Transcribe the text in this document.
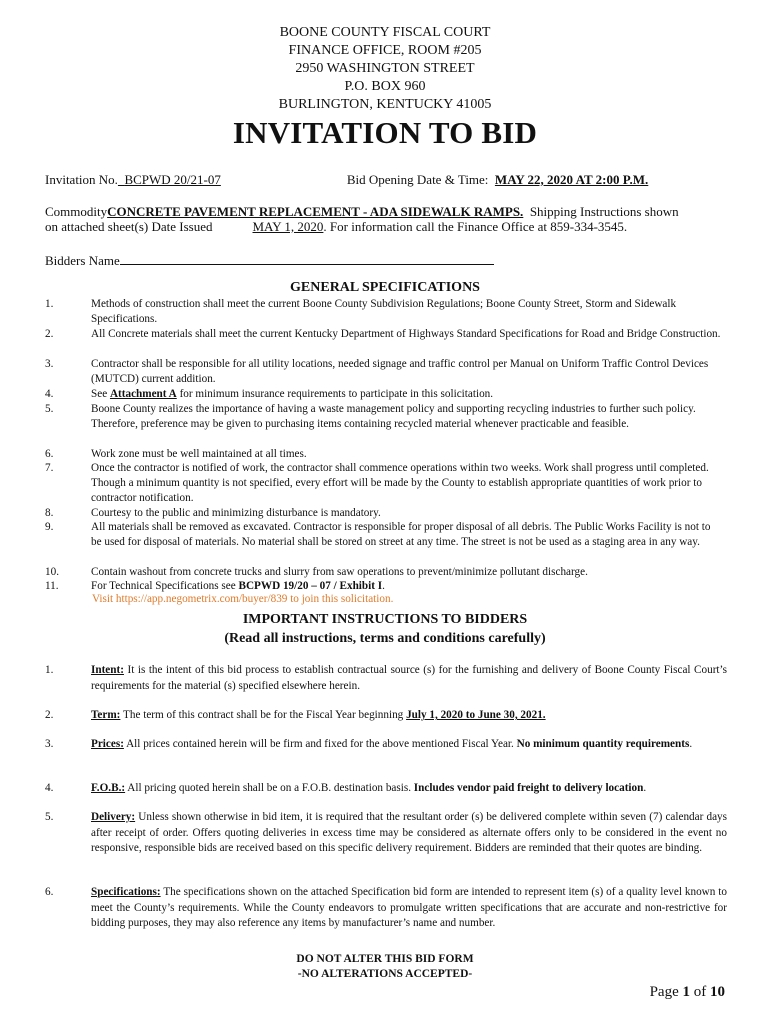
BOONE COUNTY FISCAL COURT
FINANCE OFFICE, ROOM #205
2950 WASHINGTON STREET
P.O. BOX 960
BURLINGTON, KENTUCKY 41005
INVITATION TO BID
Invitation No. BCPWD 20/21-07	Bid Opening Date & Time: MAY 22, 2020 AT 2:00 P.M.
CommodityCONCRETE PAVEMENT REPLACEMENT - ADA SIDEWALK RAMPS. Shipping Instructions shown
on attached sheet(s) Date Issued	MAY 1, 2020. For information call the Finance Office at 859-334-3545.
Bidders Name
GENERAL SPECIFICATIONS
1.	Methods of construction shall meet the current Boone County Subdivision Regulations; Boone County Street, Storm and Sidewalk Specifications.
2.	All Concrete materials shall meet the current Kentucky Department of Highways Standard Specifications for Road and Bridge Construction.
3.	Contractor shall be responsible for all utility locations, needed signage and traffic control per Manual on Uniform Traffic Control Devices (MUTCD) current addition.
4.	See Attachment A for minimum insurance requirements to participate in this solicitation.
5.	Boone County realizes the importance of having a waste management policy and supporting recycling industries to further such policy. Therefore, preference may be given to purchasing items containing recycled material whenever practicable and feasible.
6.	Work zone must be well maintained at all times.
7.	Once the contractor is notified of work, the contractor shall commence operations within two weeks. Work shall progress until completed. Though a minimum quantity is not specified, every effort will be made by the County to establish appropriate quantities of work prior to contractor notification.
8.	Courtesy to the public and minimizing disturbance is mandatory.
9.	All materials shall be removed as excavated. Contractor is responsible for proper disposal of all debris. The Public Works Facility is not to be used for disposal of materials. No material shall be stored on street at any time. The street is not be used as a staging area in any way.
10.	Contain washout from concrete trucks and slurry from saw operations to prevent/minimize pollutant discharge.
11.	For Technical Specifications see BCPWD 19/20 – 07 / Exhibit I.
Visit https://app.negometrix.com/buyer/839 to join this solicitation.
IMPORTANT INSTRUCTIONS TO BIDDERS
(Read all instructions, terms and conditions carefully)
1.	Intent: It is the intent of this bid process to establish contractual source (s) for the furnishing and delivery of Boone County Fiscal Court’s requirements for the material (s) specified elsewhere herein.
2.	Term: The term of this contract shall be for the Fiscal Year beginning July 1, 2020 to June 30, 2021.
3.	Prices: All prices contained herein will be firm and fixed for the above mentioned Fiscal Year. No minimum quantity requirements.
4.	F.O.B.: All pricing quoted herein shall be on a F.O.B. destination basis. Includes vendor paid freight to delivery location.
5.	Delivery: Unless shown otherwise in bid item, it is required that the resultant order (s) be delivered complete within seven (7) calendar days after receipt of order. Offers quoting deliveries in excess time may be considered as alternate offers only to be considered in the event no responsive, responsible bids are received based on this specific delivery requirement. Bidders are reminded that their quotes are binding.
6.	Specifications: The specifications shown on the attached Specification bid form are intended to represent item (s) of a quality level known to meet the County’s requirements. While the County endeavors to promulgate written specifications that are accurate and non-restrictive for bidding purposes, they may also reference any items by manufacturer’s name and number.
DO NOT ALTER THIS BID FORM
-NO ALTERATIONS ACCEPTED-
Page 1 of 10
